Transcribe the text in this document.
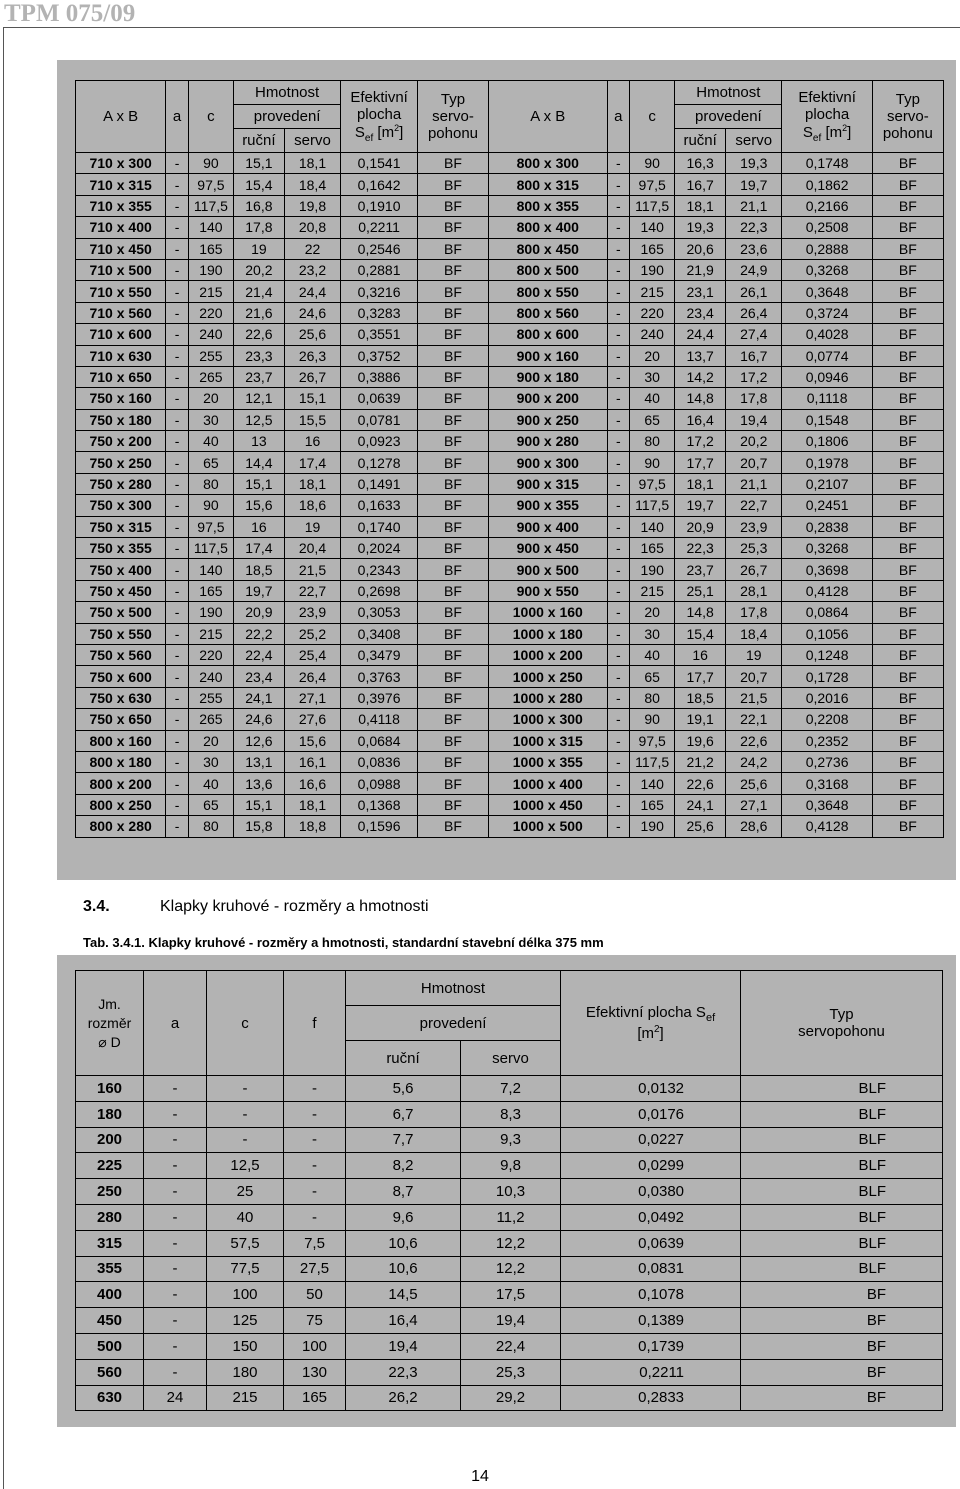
TPM 075/09
A x B	a	c	Hmotnost		Efektivní
plocha
$S_{ef}$ $[m^2]$	Typ
servo-
pohonu	A x B	a	c	Hmotnost		Efektivní
plocha
$S_{ef}$ $[m^2]$	Typ
servo-
pohonu
			provedení							provedení			
			ruční	servo						ruční	servo		
710 x 300	-	90	15,1	18,1	0,1541	BF	800 x 300	-	90	16,3	19,3	0,1748	BF
710 x 315	-	97,5	15,4	18,4	0,1642	BF	800 x 315	-	97,5	16,7	19,7	0,1862	BF
710 x 355	-	117,5	16,8	19,8	0,1910	BF	800 x 355	-	117,5	18,1	21,1	0,2166	BF
710 x 400	-	140	17,8	20,8	0,2211	BF	800 x 400	-	140	19,3	22,3	0,2508	BF
710 x 450	-	165	19	22	0,2546	BF	800 x 450	-	165	20,6	23,6	0,2888	BF
710 x 500	-	190	20,2	23,2	0,2881	BF	800 x 500	-	190	21,9	24,9	0,3268	BF
710 x 550	-	215	21,4	24,4	0,3216	BF	800 x 550	-	215	23,1	26,1	0,3648	BF
710 x 560	-	220	21,6	24,6	0,3283	BF	800 x 560	-	220	23,4	26,4	0,3724	BF
710 x 600	-	240	22,6	25,6	0,3551	BF	800 x 600	-	240	24,4	27,4	0,4028	BF
710 x 630	-	255	23,3	26,3	0,3752	BF	900 x 160	-	20	13,7	16,7	0,0774	BF
710 x 650	-	265	23,7	26,7	0,3886	BF	900 x 180	-	30	14,2	17,2	0,0946	BF
750 x 160	-	20	12,1	15,1	0,0639	BF	900 x 200	-	40	14,8	17,8	0,1118	BF
750 x 180	-	30	12,5	15,5	0,0781	BF	900 x 250	-	65	16,4	19,4	0,1548	BF
750 x 200	-	40	13	16	0,0923	BF	900 x 280	-	80	17,2	20,2	0,1806	BF
750 x 250	-	65	14,4	17,4	0,1278	BF	900 x 300	-	90	17,7	20,7	0,1978	BF
750 x 280	-	80	15,1	18,1	0,1491	BF	900 x 315	-	97,5	18,1	21,1	0,2107	BF
750 x 300	-	90	15,6	18,6	0,1633	BF	900 x 355	-	117,5	19,7	22,7	0,2451	BF
750 x 315	-	97,5	16	19	0,1740	BF	900 x 400	-	140	20,9	23,9	0,2838	BF
750 x 355	-	117,5	17,4	20,4	0,2024	BF	900 x 450	-	165	22,3	25,3	0,3268	BF
750 x 400	-	140	18,5	21,5	0,2343	BF	900 x 500	-	190	23,7	26,7	0,3698	BF
750 x 450	-	165	19,7	22,7	0,2698	BF	900 x 550	-	215	25,1	28,1	0,4128	BF
750 x 500	-	190	20,9	23,9	0,3053	BF	1000 x 160	-	20	14,8	17,8	0,0864	BF
750 x 550	-	215	22,2	25,2	0,3408	BF	1000 x 180	-	30	15,4	18,4	0,1056	BF
750 x 560	-	220	22,4	25,4	0,3479	BF	1000 x 200	-	40	16	19	0,1248	BF
750 x 600	-	240	23,4	26,4	0,3763	BF	1000 x 250	-	65	17,7	20,7	0,1728	BF
750 x 630	-	255	24,1	27,1	0,3976	BF	1000 x 280	-	80	18,5	21,5	0,2016	BF
750 x 650	-	265	24,6	27,6	0,4118	BF	1000 x 300	-	90	19,1	22,1	0,2208	BF
800 x 160	-	20	12,6	15,6	0,0684	BF	1000 x 315	-	97,5	19,6	22,6	0,2352	BF
800 x 180	-	30	13,1	16,1	0,0836	BF	1000 x 355	-	117,5	21,2	24,2	0,2736	BF
800 x 200	-	40	13,6	16,6	0,0988	BF	1000 x 400	-	140	22,6	25,6	0,3168	BF
800 x 250	-	65	15,1	18,1	0,1368	BF	1000 x 450	-	165	24,1	27,1	0,3648	BF
800 x 280	-	80	15,8	18,8	0,1596	BF	1000 x 500	-	190	25,6	28,6	0,4128	BF
3.4.	Klapky kruhové - rozměry a hmotnosti
Tab. 3.4.1. Klapky kruhové - rozměry a hmotnosti, standardní stavební délka 375 mm
Jm.
rozměr
⌀ D	a	c	f	Hmotnost		Efektivní plocha $S_{ef}$
$[m^2]$	Typ
servopohonu
				provedení			
				ruční	servo		
160	-	-	-	5,6	7,2	0,0132	BLF
180	-	-	-	6,7	8,3	0,0176	BLF
200	-	-	-	7,7	9,3	0,0227	BLF
225	-	12,5	-	8,2	9,8	0,0299	BLF
250	-	25	-	8,7	10,3	0,0380	BLF
280	-	40	-	9,6	11,2	0,0492	BLF
315	-	57,5	7,5	10,6	12,2	0,0639	BLF
355	-	77,5	27,5	10,6	12,2	0,0831	BLF
400	-	100	50	14,5	17,5	0,1078	BF
450	-	125	75	16,4	19,4	0,1389	BF
500	-	150	100	19,4	22,4	0,1739	BF
560	-	180	130	22,3	25,3	0,2211	BF
630	24	215	165	26,2	29,2	0,2833	BF
14
